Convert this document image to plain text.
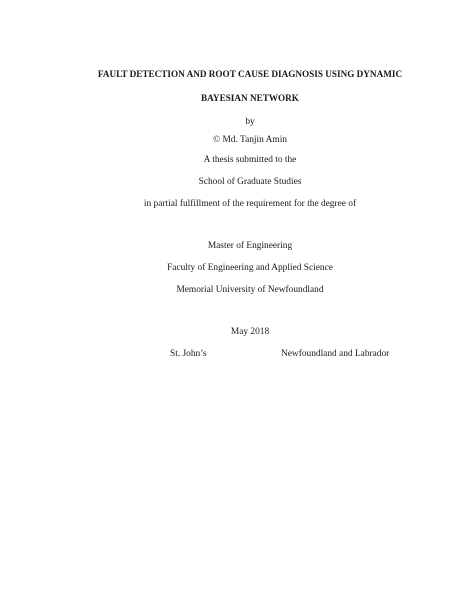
FAULT DETECTION AND ROOT CAUSE DIAGNOSIS USING DYNAMIC
BAYESIAN NETWORK
by
© Md. Tanjin Amin
A thesis submitted to the
School of Graduate Studies
in partial fulfillment of the requirement for the degree of
Master of Engineering
Faculty of Engineering and Applied Science
Memorial University of Newfoundland
May 2018
St. John’s	Newfoundland and Labrador
